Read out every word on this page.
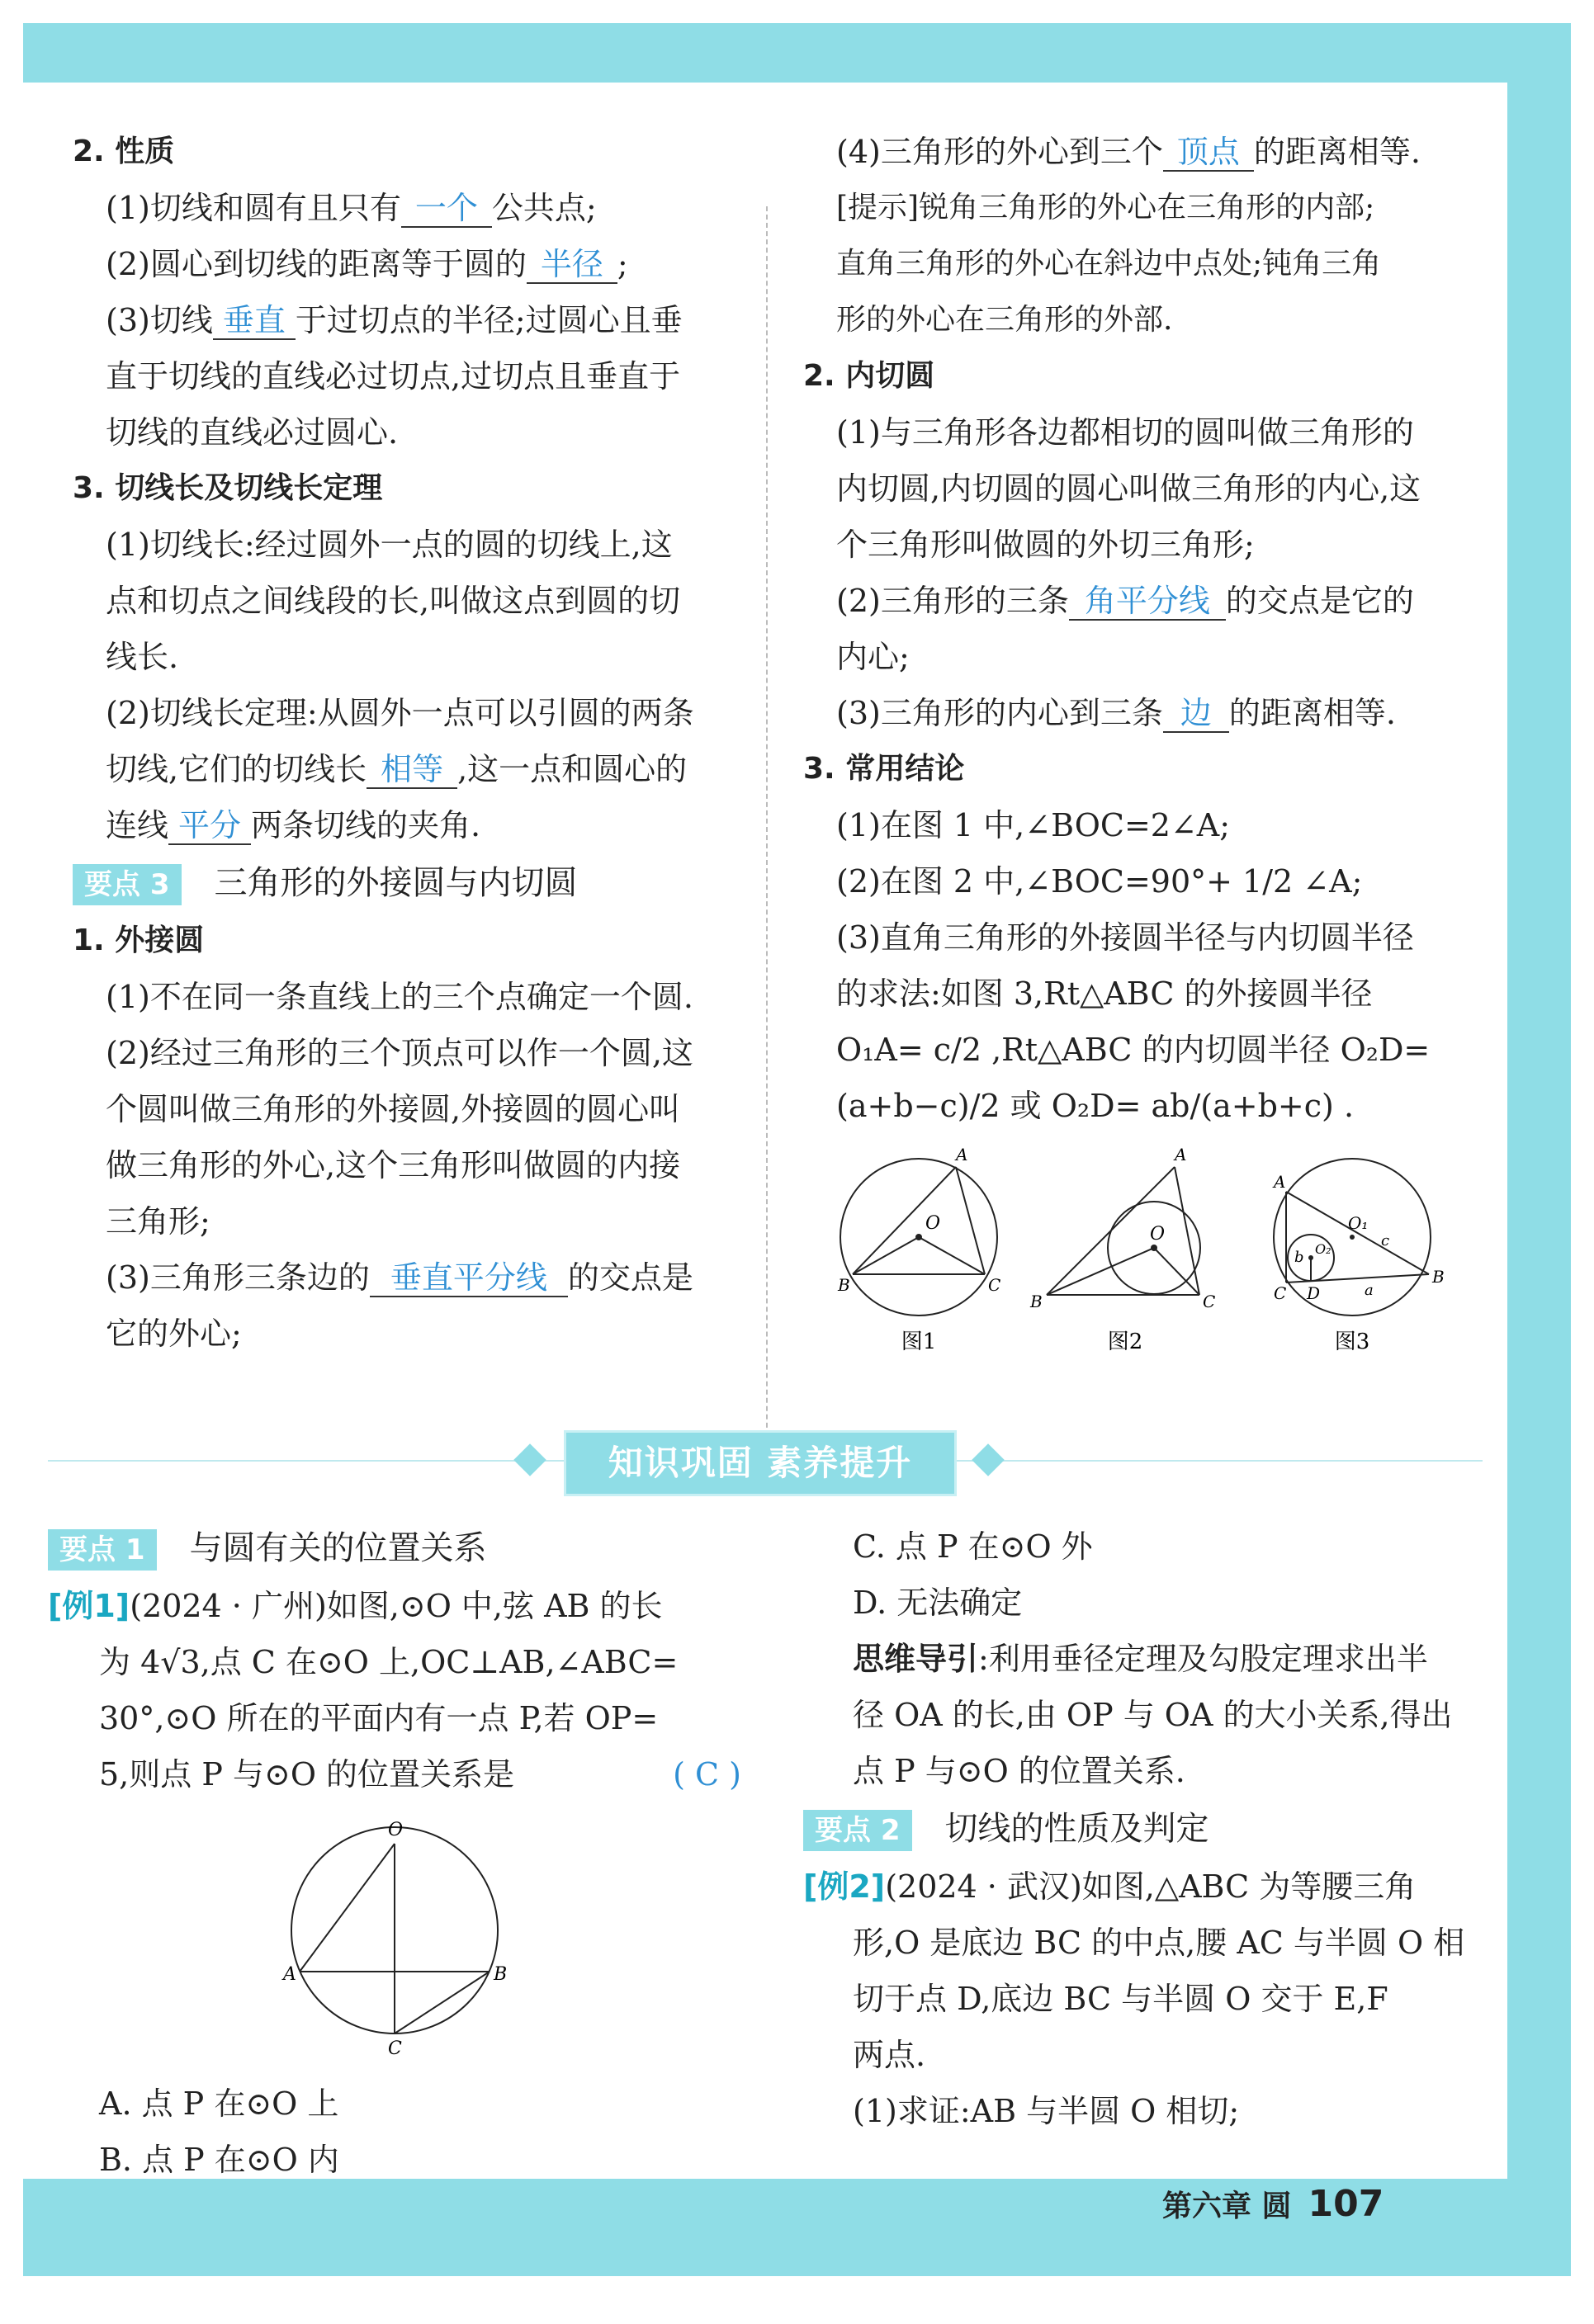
2. 性质

(1)切线和圆有且只有 一个 公共点;

(2)圆心到切线的距离等于圆的 半径 ;

(3)切线 垂直 于过切点的半径;过圆心且垂

直于切线的直线必过切点,过切点且垂直于

切线的直线必过圆心.

3. 切线长及切线长定理

(1)切线长:经过圆外一点的圆的切线上,这

点和切点之间线段的长,叫做这点到圆的切

线长.

(2)切线长定理:从圆外一点可以引圆的两条

切线,它们的切线长 相等 ,这一点和圆心的

连线 平分 两条切线的夹角.

要点 3 三角形的外接圆与内切圆

1. 外接圆

(1)不在同一条直线上的三个点确定一个圆.

(2)经过三角形的三个顶点可以作一个圆,这

个圆叫做三角形的外接圆,外接圆的圆心叫

做三角形的外心,这个三角形叫做圆的内接

三角形;

(3)三角形三条边的 垂直平分线 的交点是

它的外心;

(4)三角形的外心到三个 顶点 的距离相等.

[提示]锐角三角形的外心在三角形的内部;

直角三角形的外心在斜边中点处;钝角三角

形的外心在三角形的外部.

2. 内切圆

(1)与三角形各边都相切的圆叫做三角形的

内切圆,内切圆的圆心叫做三角形的内心,这

个三角形叫做圆的外切三角形;

(2)三角形的三条 角平分线 的交点是它的

内心;

(3)三角形的内心到三条 边 的距离相等.

3. 常用结论

(1)在图 1 中,∠BOC=2∠A;

(2)在图 2 中,∠BOC=90°+ 1/2 ∠A;

(3)直角三角形的外接圆半径与内切圆半径

的求法:如图 3,Rt△ABC 的外接圆半径

O₁A= c/2 ,Rt△ABC 的内切圆半径 O₂D=

(a+b−c)/2 或 O₂D= ab/(a+b+c) .

O
A
B	C
O
A
B	C
A
C
B
D
O₁
O₂
b
a
c
图1	图2	图3
知识巩固 素养提升

要点 1 与圆有关的位置关系

[例1](2024 · 广州)如图,⊙O 中,弦 AB 的长

为 4√3,点 C 在⊙O 上,OC⊥AB,∠ABC=

30°,⊙O 所在的平面内有一点 P,若 OP=

5,则点 P 与⊙O 的位置关系是	( C )

O
A	B
C

A. 点 P 在⊙O 上

B. 点 P 在⊙O 内

C. 点 P 在⊙O 外

D. 无法确定

思维导引:利用垂径定理及勾股定理求出半

径 OA 的长,由 OP 与 OA 的大小关系,得出

点 P 与⊙O 的位置关系.

要点 2 切线的性质及判定

[例2](2024 · 武汉)如图,△ABC 为等腰三角

形,O 是底边 BC 的中点,腰 AC 与半圆 O 相

切于点 D,底边 BC 与半圆 O 交于 E,F

两点.

(1)求证:AB 与半圆 O 相切;

第六章 圆 107
